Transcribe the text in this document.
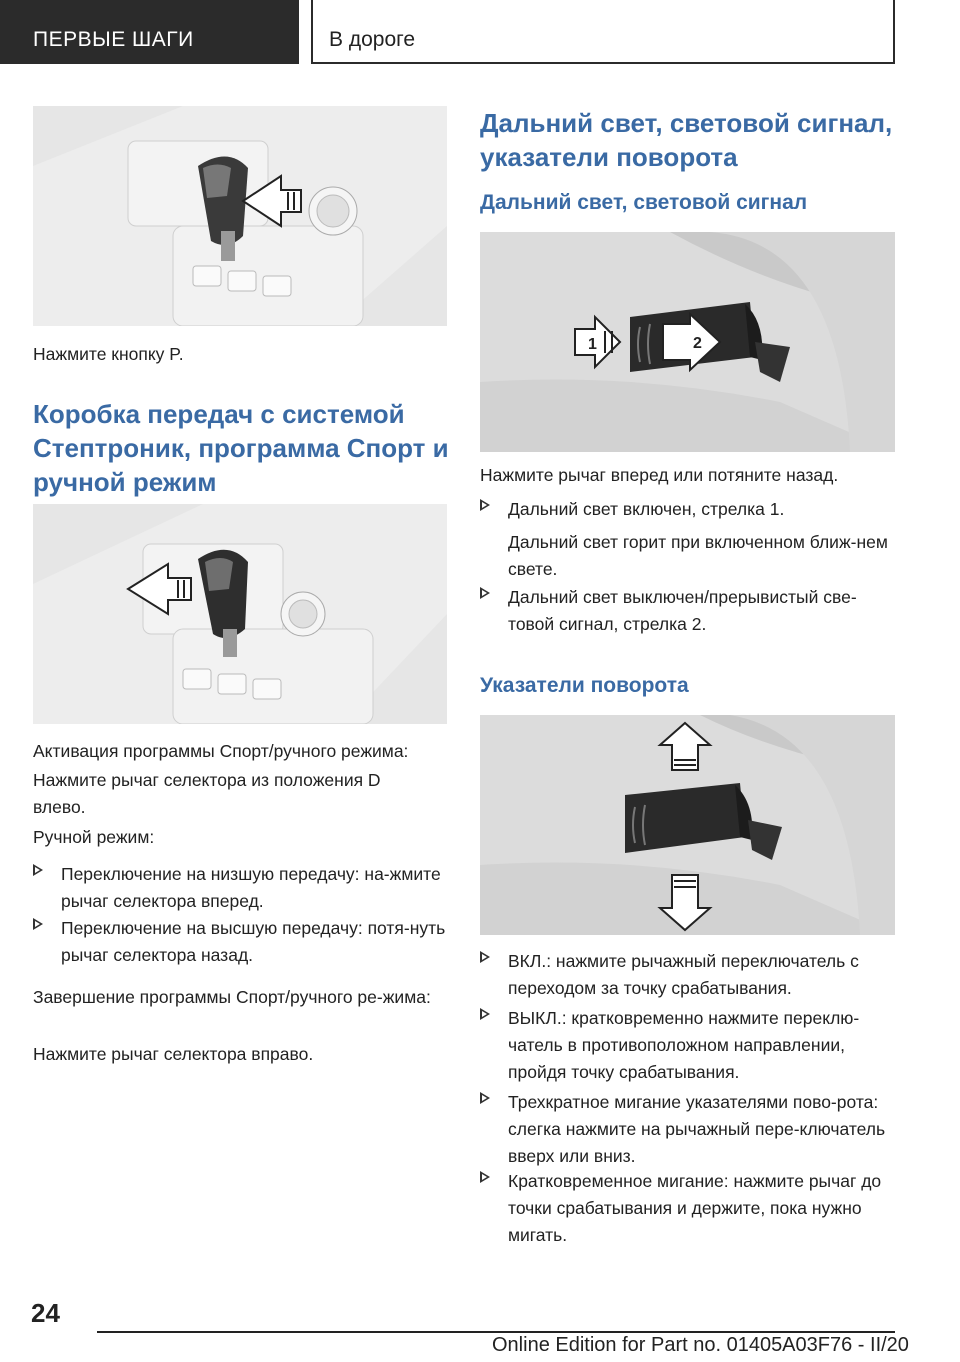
ПЕРВЫЕ ШАГИ	В дороге

Нажмите кнопку P.

Коробка передач с системой Стептроник, программа Спорт и ручной режим

Активация программы Спорт/ручного режима:

Нажмите рычаг селектора из положения D влево.

Ручной режим:

Переключение на низшую передачу: на-жмите рычаг селектора вперед.

Переключение на высшую передачу: потя-нуть рычаг селектора назад.

Завершение программы Спорт/ручного ре-жима:

Нажмите рычаг селектора вправо.

Дальний свет, световой сигнал, указатели поворота
Дальний свет, световой сигнал
1	2

Нажмите рычаг вперед или потяните назад.

Дальний свет включен, стрелка 1.

Дальний свет горит при включенном ближ-нем свете.

Дальний свет выключен/прерывистый све-товой сигнал, стрелка 2.

Указатели поворота

ВКЛ.: нажмите рычажный переключатель с переходом за точку срабатывания.

ВЫКЛ.: кратковременно нажмите переклю-чатель в противоположном направлении, пройдя точку срабатывания.

Трехкратное мигание указателями пово-рота: слегка нажмите на рычажный пере-ключатель вверх или вниз.

Кратковременное мигание: нажмите рычаг до точки срабатывания и держите, пока нужно мигать.

24
Online Edition for Part no. 01405A03F76 - II/20
